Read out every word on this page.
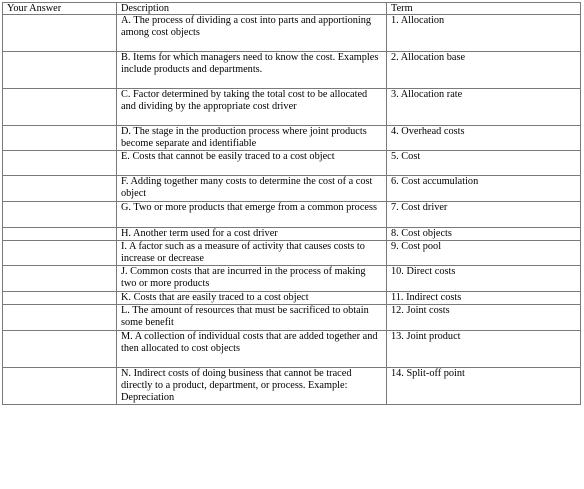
Your Answer	Description	Term
	A. The process of dividing a cost into parts and apportioning among cost objects	1. Allocation
	B. Items for which managers need to know the cost. Examples include products and departments.	2. Allocation base
	C. Factor determined by taking the total cost to be allocated and dividing by the appropriate cost driver	3. Allocation rate
	D. The stage in the production process where joint products become separate and identifiable	4. Overhead costs
	E. Costs that cannot be easily traced to a cost object	5. Cost
	F. Adding together many costs to determine the cost of a cost object	6. Cost accumulation
	G. Two or more products that emerge from a common process	7. Cost driver
	H. Another term used for a cost driver	8. Cost objects
	I. A factor such as a measure of activity that causes costs to increase or decrease	9. Cost pool
	J. Common costs that are incurred in the process of making two or more products	10. Direct costs
	K. Costs that are easily traced to a cost object	11. Indirect costs
	L. The amount of resources that must be sacrificed to obtain some benefit	12. Joint costs
	M. A collection of individual costs that are added together and then allocated to cost objects	13. Joint product
	N. Indirect costs of doing business that cannot be traced directly to a product, department, or process. Example: Depreciation	14. Split-off point
